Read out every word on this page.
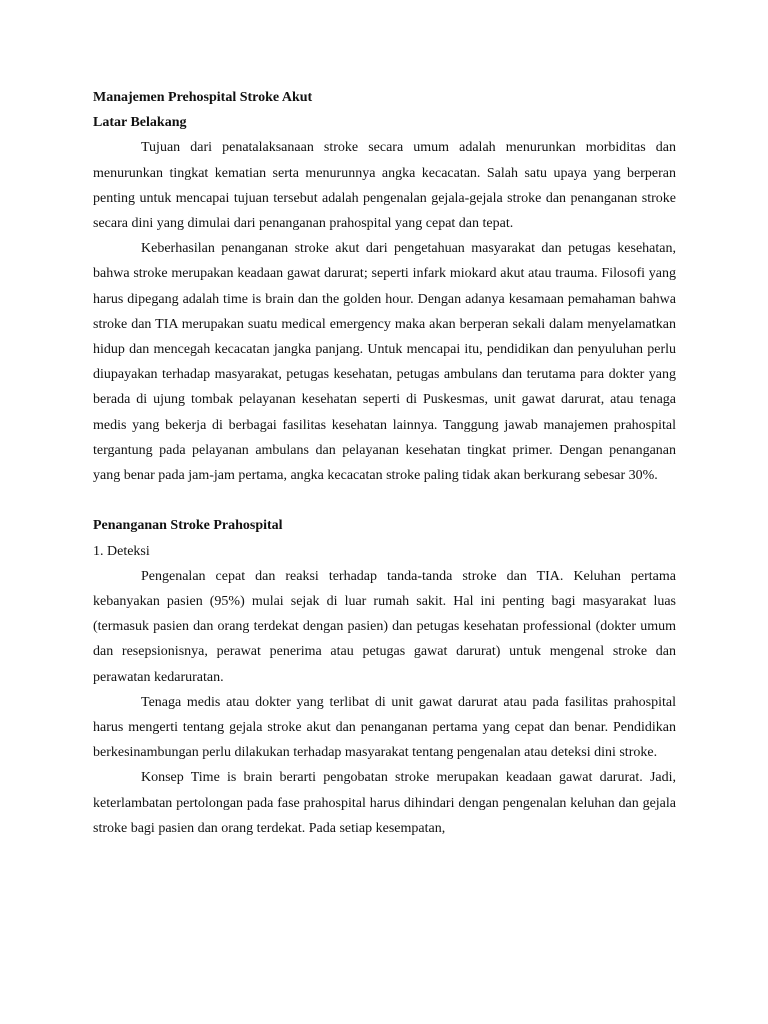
Manajemen Prehospital Stroke Akut
Latar Belakang

Tujuan dari penatalaksanaan stroke secara umum adalah menurunkan morbiditas dan menurunkan tingkat kematian serta menurunnya angka kecacatan. Salah satu upaya yang berperan penting untuk mencapai tujuan tersebut adalah pengenalan gejala-gejala stroke dan penanganan stroke secara dini yang dimulai dari penanganan prahospital yang cepat dan tepat.

Keberhasilan penanganan stroke akut dari pengetahuan masyarakat dan petugas kesehatan, bahwa stroke merupakan keadaan gawat darurat; seperti infark miokard akut atau trauma. Filosofi yang harus dipegang adalah time is brain dan the golden hour. Dengan adanya kesamaan pemahaman bahwa stroke dan TIA merupakan suatu medical emergency maka akan berperan sekali dalam menyelamatkan hidup dan mencegah kecacatan jangka panjang. Untuk mencapai itu, pendidikan dan penyuluhan perlu diupayakan terhadap masyarakat, petugas kesehatan, petugas ambulans dan terutama para dokter yang berada di ujung tombak pelayanan kesehatan seperti di Puskesmas, unit gawat darurat, atau tenaga medis yang bekerja di berbagai fasilitas kesehatan lainnya. Tanggung jawab manajemen prahospital tergantung pada pelayanan ambulans dan pelayanan kesehatan tingkat primer. Dengan penanganan yang benar pada jam-jam pertama, angka kecacatan stroke paling tidak akan berkurang sebesar 30%.

Penanganan Stroke Prahospital
1. Deteksi

Pengenalan cepat dan reaksi terhadap tanda-tanda stroke dan TIA. Keluhan pertama kebanyakan pasien (95%) mulai sejak di luar rumah sakit. Hal ini penting bagi masyarakat luas (termasuk pasien dan orang terdekat dengan pasien) dan petugas kesehatan professional (dokter umum dan resepsionisnya, perawat penerima atau petugas gawat darurat) untuk mengenal stroke dan perawatan kedaruratan.

Tenaga medis atau dokter yang terlibat di unit gawat darurat atau pada fasilitas prahospital harus mengerti tentang gejala stroke akut dan penanganan pertama yang cepat dan benar. Pendidikan berkesinambungan perlu dilakukan terhadap masyarakat tentang pengenalan atau deteksi dini stroke.

Konsep Time is brain berarti pengobatan stroke merupakan keadaan gawat darurat. Jadi, keterlambatan pertolongan pada fase prahospital harus dihindari dengan pengenalan keluhan dan gejala stroke bagi pasien dan orang terdekat. Pada setiap kesempatan,
